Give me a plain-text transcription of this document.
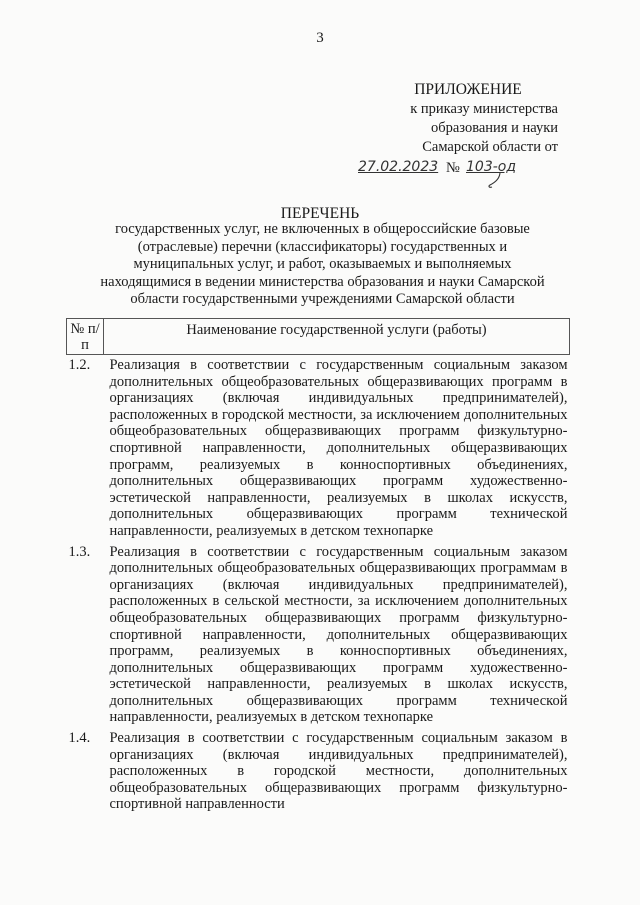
3
ПРИЛОЖЕНИЕ
к приказу министерства
образования и науки
Самарской области от
27.02.2023 № 103-од
ПЕРЕЧЕНЬ
государственных услуг, не включенных в общероссийские базовые (отраслевые) перечни (классификаторы) государственных и муниципальных услуг, и работ, оказываемых и выполняемых находящимися в ведении министерства образования и науки Самарской области государственными учреждениями Самарской области
№ п/п	Наименование государственной услуги (работы)
1.2.	Реализация в соответствии с государственным социальным заказом дополнительных общеобразовательных общеразвивающих программ в организациях (включая индивидуальных предпринимателей), расположенных в городской местности, за исключением дополнительных общеобразовательных общеразвивающих программ физкультурно-спортивной направленности, дополнительных общеразвивающих программ, реализуемых в конноспортивных объединениях, дополнительных общеразвивающих программ художественно-эстетической направленности, реализуемых в школах искусств, дополнительных общеразвивающих программ технической направленности, реализуемых в детском технопарке
1.3.	Реализация в соответствии с государственным социальным заказом дополнительных общеобразовательных общеразвивающих программам в организациях (включая индивидуальных предпринимателей), расположенных в сельской местности, за исключением дополнительных общеобразовательных общеразвивающих программ физкультурно-спортивной направленности, дополнительных общеразвивающих программ, реализуемых в конноспортивных объединениях, дополнительных общеразвивающих программ художественно-эстетической направленности, реализуемых в школах искусств, дополнительных общеразвивающих программ технической направленности, реализуемых в детском технопарке
1.4.	Реализация в соответствии с государственным социальным заказом в организациях (включая индивидуальных предпринимателей), расположенных в городской местности, дополнительных общеобразовательных общеразвивающих программ физкультурно-спортивной направленности
